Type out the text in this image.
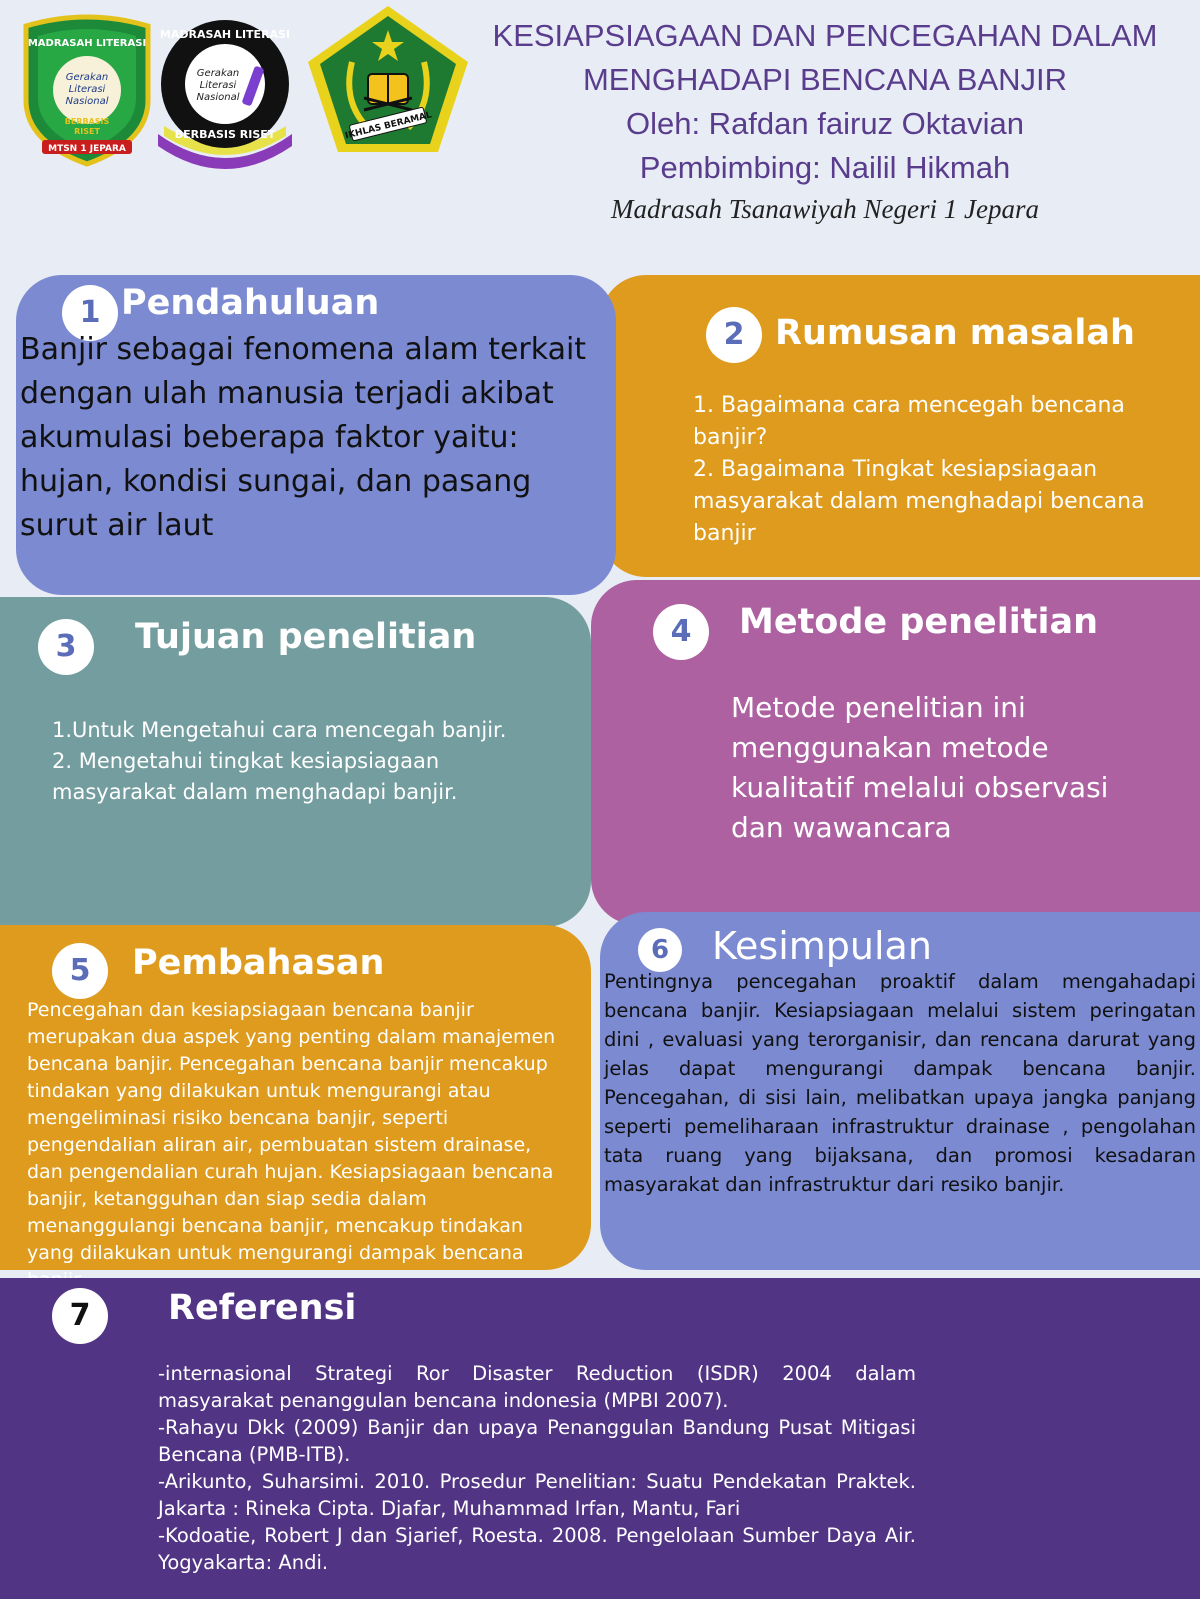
MADRASAH LITERASI
Gerakan
Literasi
Nasional
BERBASIS
RISET
MTSN 1 JEPARA
MADRASAH LITERASI
Gerakan
Literasi
Nasional
BERBASIS RISET	IKHLAS BERAMAL
KESIAPSIAGAAN DAN PENCEGAHAN DALAM
MENGHADAPI BENCANA BANJIR
Oleh: Rafdan fairuz Oktavian
Pembimbing: Nailil Hikmah
Madrasah Tsanawiyah Negeri 1 Jepara
2 Rumusan masalah
1. Bagaimana cara mencegah bencana banjir?
2. Bagaimana Tingkat kesiapsiagaan masyarakat dalam menghadapi bencana banjir
1 Pendahuluan
Banjir sebagai fenomena alam terkait dengan ulah manusia terjadi akibat akumulasi beberapa faktor yaitu: hujan, kondisi sungai, dan pasang surut air laut
3	Tujuan penelitian
1.Untuk Mengetahui cara mencegah banjir.
2. Mengetahui tingkat kesiapsiagaan masyarakat dalam menghadapi banjir.
4	Metode penelitian
Metode penelitian ini menggunakan metode kualitatif melalui observasi dan wawancara
6	Kesimpulan
Pentingnya pencegahan proaktif dalam mengahadapi bencana banjir. Kesiapsiagaan melalui sistem peringatan dini , evaluasi yang terorganisir, dan rencana darurat yang jelas dapat mengurangi dampak bencana banjir. Pencegahan, di sisi lain, melibatkan upaya jangka panjang seperti pemeliharaan infrastruktur drainase , pengolahan tata ruang yang bijaksana, dan promosi kesadaran masyarakat dan infrastruktur dari resiko banjir.
5	Pembahasan
Pencegahan dan kesiapsiagaan bencana banjir merupakan dua aspek yang penting dalam manajemen bencana banjir. Pencegahan bencana banjir mencakup tindakan yang dilakukan untuk mengurangi atau mengeliminasi risiko bencana banjir, seperti pengendalian aliran air, pembuatan sistem drainase, dan pengendalian curah hujan. Kesiapsiagaan bencana banjir, ketangguhan dan siap sedia dalam menanggulangi bencana banjir, mencakup tindakan yang dilakukan untuk mengurangi dampak bencana
7	Referensi
-internasional Strategi Ror Disaster Reduction (ISDR) 2004 dalam masyarakat penanggulan bencana indonesia (MPBI 2007).
-Rahayu Dkk (2009) Banjir dan upaya Penanggulan Bandung Pusat Mitigasi Bencana (PMB-ITB).
-Arikunto, Suharsimi. 2010. Prosedur Penelitian: Suatu Pendekatan Praktek. Jakarta : Rineka Cipta. Djafar, Muhammad Irfan, Mantu, Fari
-Kodoatie, Robert J dan Sjarief, Roesta. 2008. Pengelolaan Sumber Daya Air. Yogyakarta: Andi.
